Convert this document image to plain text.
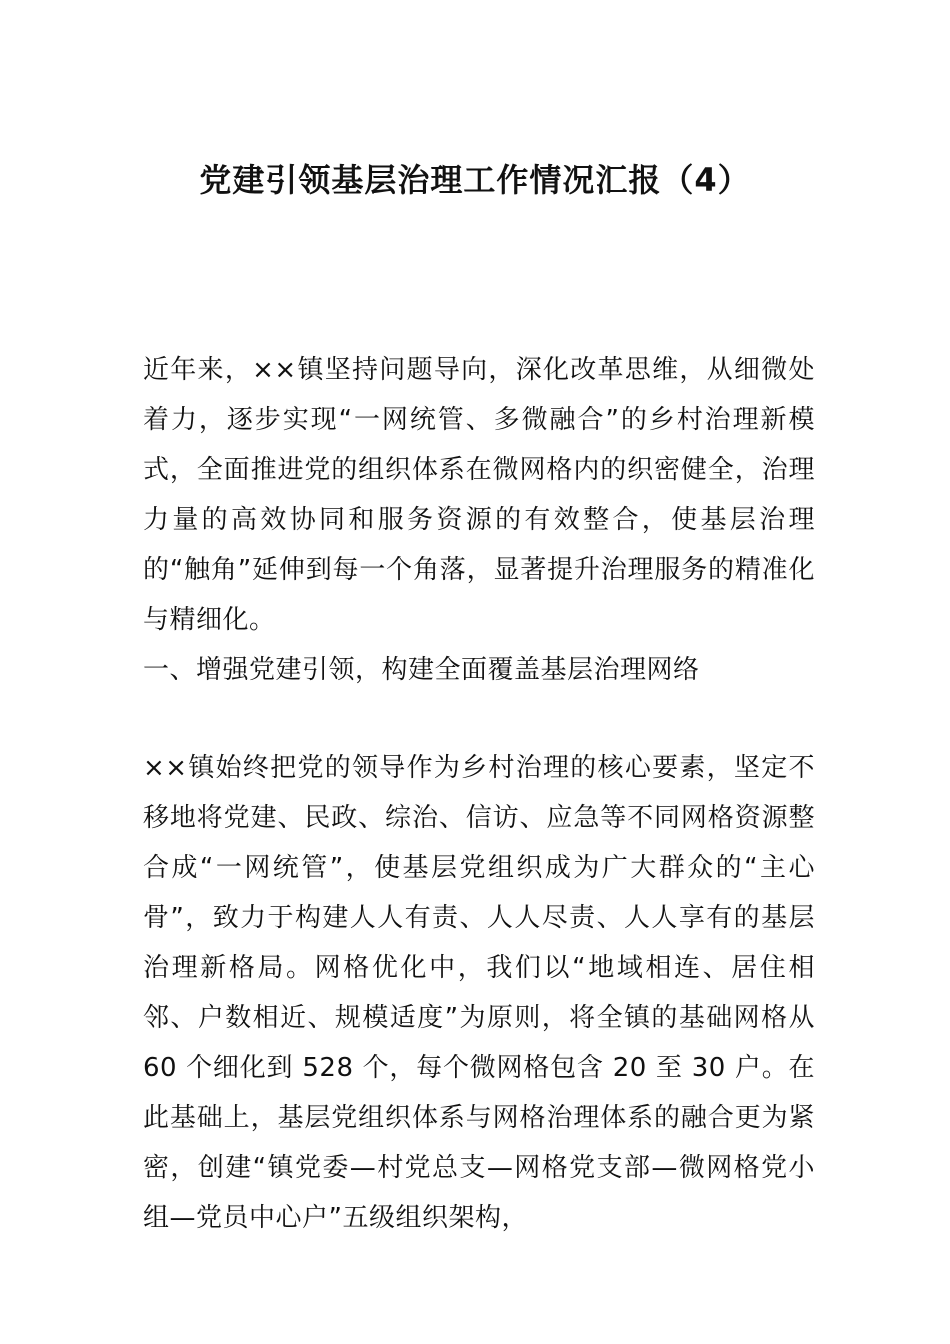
党建引领基层治理工作情况汇报（4）

近年来，××镇坚持问题导向，深化改革思维，从细微处着力，逐步实现“一网统管、多微融合”的乡村治理新模式，全面推进党的组织体系在微网格内的织密健全，治理力量的高效协同和服务资源的有效整合，使基层治理的“触角”延伸到每一个角落，显著提升治理服务的精准化与精细化。

一、增强党建引领，构建全面覆盖基层治理网络

××镇始终把党的领导作为乡村治理的核心要素，坚定不移地将党建、民政、综治、信访、应急等不同网格资源整合成“一网统管”，使基层党组织成为广大群众的“主心骨”，致力于构建人人有责、人人尽责、人人享有的基层治理新格局。网格优化中，我们以“地域相连、居住相邻、户数相近、规模适度”为原则，将全镇的基础网格从 60 个细化到 528 个，每个微网格包含 20 至 30 户。在此基础上，基层党组织体系与网格治理体系的融合更为紧密，创建“镇党委—村党总支—网格党支部—微网格党小组—党员中心户”五级组织架构，
